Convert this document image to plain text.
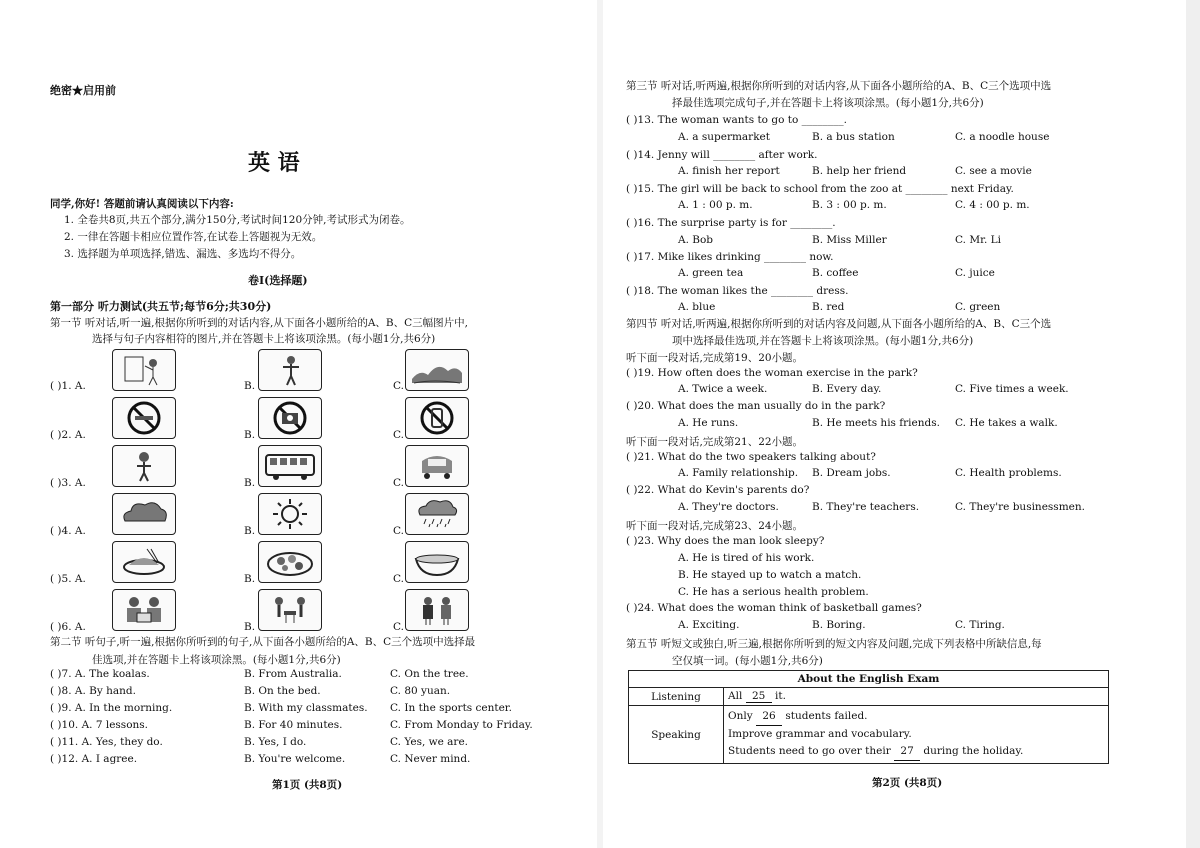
绝密★启用前
英 语
同学,你好! 答题前请认真阅读以下内容:
1. 全卷共8页,共五个部分,满分150分,考试时间120分钟,考试形式为闭卷。
2. 一律在答题卡相应位置作答,在试卷上答题视为无效。
3. 选择题为单项选择,错选、漏选、多选均不得分。
卷Ⅰ(选择题)
第一部分 听力测试(共五节;每节6分;共30分)
第一节 听对话,听一遍,根据你所听到的对话内容,从下面各小题所给的A、B、C三幅图片中,
选择与句子内容相符的图片,并在答题卡上将该项涂黑。(每小题1分,共6分)
( )1. A.	B.	C.
( )2. A.	B.	C.
( )3. A.	B.	C.
( )4. A.	B.	C.
( )5. A.	B.	C.
( )6. A.	B.	C.
第二节 听句子,听一遍,根据你所听到的句子,从下面各小题所给的A、B、C三个选项中选择最
佳选项,并在答题卡上将该项涂黑。(每小题1分,共6分)
( )7. A. The koalas.	B. From Australia.	C. On the tree.
( )8. A. By hand.	B. On the bed.	C. 80 yuan.
( )9. A. In the morning.	B. With my classmates. C. In the sports center.
( )10. A. 7 lessons.	B. For 40 minutes.	C. From Monday to Friday.
( )11. A. Yes, they do.	B. Yes, I do.	C. Yes, we are.
( )12. A. I agree.	B. You're welcome.	C. Never mind.
第1页 (共8页)
第三节 听对话,听两遍,根据你所听到的对话内容,从下面各小题所给的A、B、C三个选项中选
择最佳选项完成句子,并在答题卡上将该项涂黑。(每小题1分,共6分)
( )13. The woman wants to go to ________.
A. a supermarket	B. a bus station	C. a noodle house
( )14. Jenny will ________ after work.
A. finish her report	B. help her friend	C. see a movie
( )15. The girl will be back to school from the zoo at ________ next Friday.
A. 1 : 00 p. m.	B. 3 : 00 p. m.	C. 4 : 00 p. m.
( )16. The surprise party is for ________.
A. Bob	B. Miss Miller	C. Mr. Li
( )17. Mike likes drinking ________ now.
A. green tea	B. coffee	C. juice
( )18. The woman likes the ________ dress.
A. blue	B. red	C. green
第四节 听对话,听两遍,根据你所听到的对话内容及问题,从下面各小题所给的A、B、C三个选
项中选择最佳选项,并在答题卡上将该项涂黑。(每小题1分,共6分)
听下面一段对话,完成第19、20小题。
( )19. How often does the woman exercise in the park?
A. Twice a week.	B. Every day.	C. Five times a week.
( )20. What does the man usually do in the park?
A. He runs.	B. He meets his friends. C. He takes a walk.
听下面一段对话,完成第21、22小题。
( )21. What do the two speakers talking about?
A. Family relationship. B. Dream jobs.	C. Health problems.
( )22. What do Kevin's parents do?
A. They're doctors.	B. They're teachers.	C. They're businessmen.
听下面一段对话,完成第23、24小题。
( )23. Why does the man look sleepy?
A. He is tired of his work.
B. He stayed up to watch a match.
C. He has a serious health problem.
( )24. What does the woman think of basketball games?
A. Exciting.	B. Boring.	C. Tiring.
第五节 听短文或独白,听三遍,根据你所听到的短文内容及问题,完成下列表格中所缺信息,每
空仅填一词。(每小题1分,共6分)
第2页 (共8页)
About the English Exam	
Listening	All 25 it.
Speaking	Only 26 students failed.
Improve grammar and vocabulary.
Students need to go over their 27 during the holiday.
